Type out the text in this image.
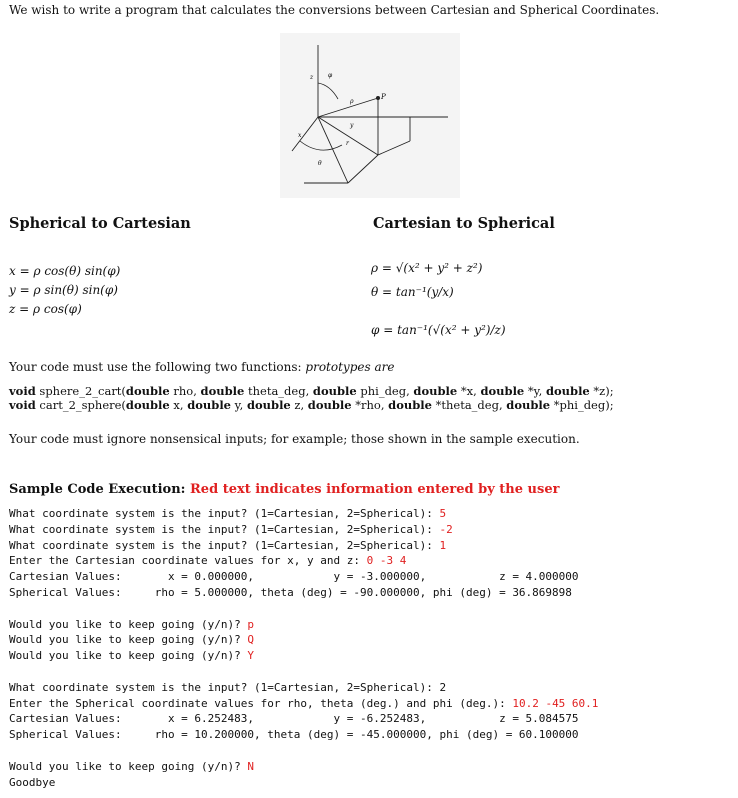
We wish to write a program that calculates the conversions between Cartesian and Spherical Coordinates.
z φ
ρ
P
y
x
r
θ
Spherical to Cartesian	Cartesian to Spherical
x = ρ cos(θ) sin(φ)
y = ρ sin(θ) sin(φ)
z = ρ cos(φ)
ρ = √(x² + y² + z²)
θ = tan⁻¹(y/x)
φ = tan⁻¹(√(x² + y²)/z)
Your code must use the following two functions: prototypes are
void sphere_2_cart(double rho, double theta_deg, double phi_deg, double *x, double *y, double *z);
void cart_2_sphere(double x, double y, double z, double *rho, double *theta_deg, double *phi_deg);
Your code must ignore nonsensical inputs; for example; those shown in the sample execution.
Sample Code Execution: Red text indicates information entered by the user
What coordinate system is the input? (1=Cartesian, 2=Spherical): 5
What coordinate system is the input? (1=Cartesian, 2=Spherical): -2
What coordinate system is the input? (1=Cartesian, 2=Spherical): 1
Enter the Cartesian coordinate values for x, y and z: 0 -3 4
Cartesian Values:       x = 0.000000,            y = -3.000000,           z = 4.000000
Spherical Values:     rho = 5.000000, theta (deg) = -90.000000, phi (deg) = 36.869898

Would you like to keep going (y/n)? p
Would you like to keep going (y/n)? Q
Would you like to keep going (y/n)? Y

What coordinate system is the input? (1=Cartesian, 2=Spherical): 2
Enter the Spherical coordinate values for rho, theta (deg.) and phi (deg.): 10.2 -45 60.1
Cartesian Values:       x = 6.252483,            y = -6.252483,           z = 5.084575
Spherical Values:     rho = 10.200000, theta (deg) = -45.000000, phi (deg) = 60.100000

Would you like to keep going (y/n)? N
Goodbye
